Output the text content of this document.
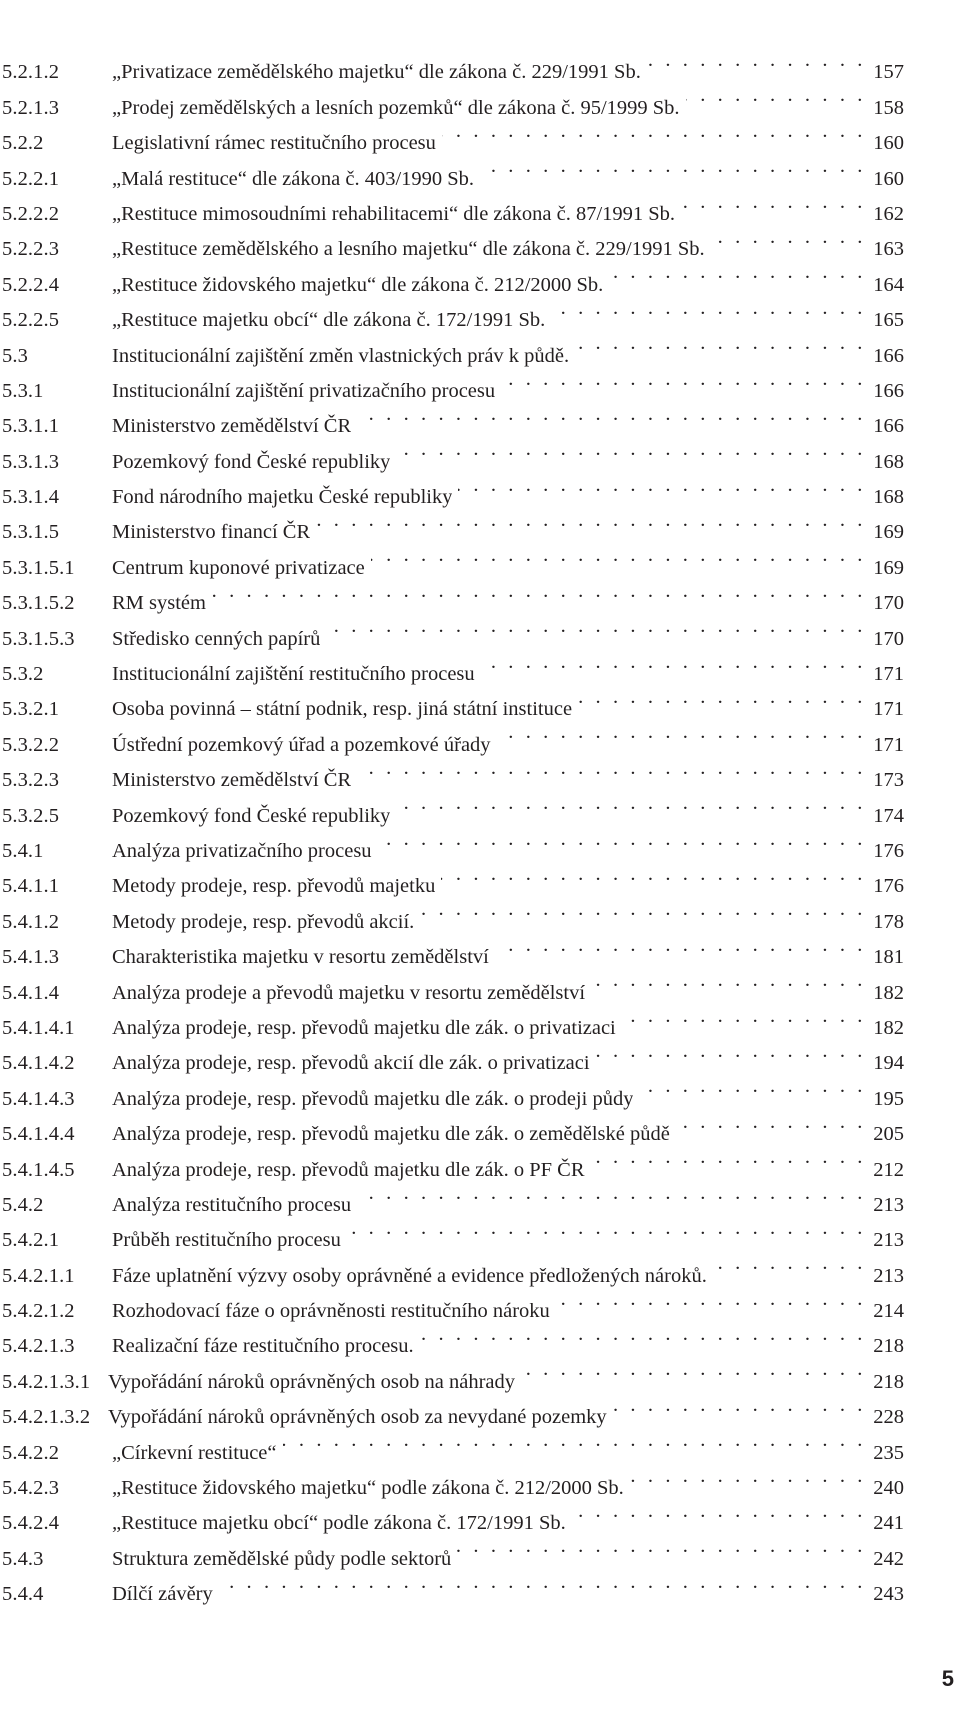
5.2.1.2	„Privatizace zemědělského majetku“ dle zákona č. 229/1991 Sb. . . .	157
5.2.1.3	„Prodej zemědělských a lesních pozemků“ dle zákona č. 95/1999 Sb. . . .	158
5.2.2	Legislativní rámec restitučního procesu . . .	160
5.2.2.1	„Malá restituce“ dle zákona č. 403/1990 Sb. . . .	160
5.2.2.2	„Restituce mimosoudními rehabilitacemi“ dle zákona č. 87/1991 Sb. . . .	162
5.2.2.3	„Restituce zemědělského a lesního majetku“ dle zákona č. 229/1991 Sb. . . .	163
5.2.2.4	„Restituce židovského majetku“ dle zákona č. 212/2000 Sb. . . .	164
5.2.2.5	„Restituce majetku obcí“ dle zákona č. 172/1991 Sb. . . .	165
5.3	Institucionální zajištění změn vlastnických práv k půdě. . . .	166
5.3.1	Institucionální zajištění privatizačního procesu . . .	166
5.3.1.1	Ministerstvo zemědělství ČR . . .	166
5.3.1.3	Pozemkový fond České republiky . . .	168
5.3.1.4	Fond národního majetku České republiky . . .	168
5.3.1.5	Ministerstvo financí ČR . . .	169
5.3.1.5.1	Centrum kuponové privatizace . . .	169
5.3.1.5.2	RM systém . . .	170
5.3.1.5.3	Středisko cenných papírů . . .	170
5.3.2	Institucionální zajištění restitučního procesu . . .	171
5.3.2.1	Osoba povinná – státní podnik, resp. jiná státní instituce . . .	171
5.3.2.2	Ústřední pozemkový úřad a pozemkové úřady . . .	171
5.3.2.3	Ministerstvo zemědělství ČR . . .	173
5.3.2.5	Pozemkový fond České republiky . . .	174
5.4.1	Analýza privatizačního procesu . . .	176
5.4.1.1	Metody prodeje, resp. převodů majetku . . .	176
5.4.1.2	Metody prodeje, resp. převodů akcií. . . .	178
5.4.1.3	Charakteristika majetku v resortu zemědělství . . .	181
5.4.1.4	Analýza prodeje a převodů majetku v resortu zemědělství . . .	182
5.4.1.4.1	Analýza prodeje, resp. převodů majetku dle zák. o privatizaci . . .	182
5.4.1.4.2	Analýza prodeje, resp. převodů akcií dle zák. o privatizaci . . .	194
5.4.1.4.3	Analýza prodeje, resp. převodů majetku dle zák. o prodeji půdy . . .	195
5.4.1.4.4	Analýza prodeje, resp. převodů majetku dle zák. o zemědělské půdě . . .	205
5.4.1.4.5	Analýza prodeje, resp. převodů majetku dle zák. o PF ČR . . .	212
5.4.2	Analýza restitučního procesu . . .	213
5.4.2.1	Průběh restitučního procesu . . .	213
5.4.2.1.1	Fáze uplatnění výzvy osoby oprávněné a evidence předložených nároků. . . .	213
5.4.2.1.2	Rozhodovací fáze o oprávněnosti restitučního nároku . . .	214
5.4.2.1.3	Realizační fáze restitučního procesu. . . .	218
5.4.2.1.3.1 Vypořádání nároků oprávněných osob na náhrady . . .	218
5.4.2.1.3.2 Vypořádání nároků oprávněných osob za nevydané pozemky . . .	228
5.4.2.2	„Církevní restituce“ . . .	235
5.4.2.3	„Restituce židovského majetku“ podle zákona č. 212/2000 Sb. . . .	240
5.4.2.4	„Restituce majetku obcí“ podle zákona č. 172/1991 Sb. . . .	241
5.4.3	Struktura zemědělské půdy podle sektorů . . .	242
5.4.4	Dílčí závěry . . .	243
5
